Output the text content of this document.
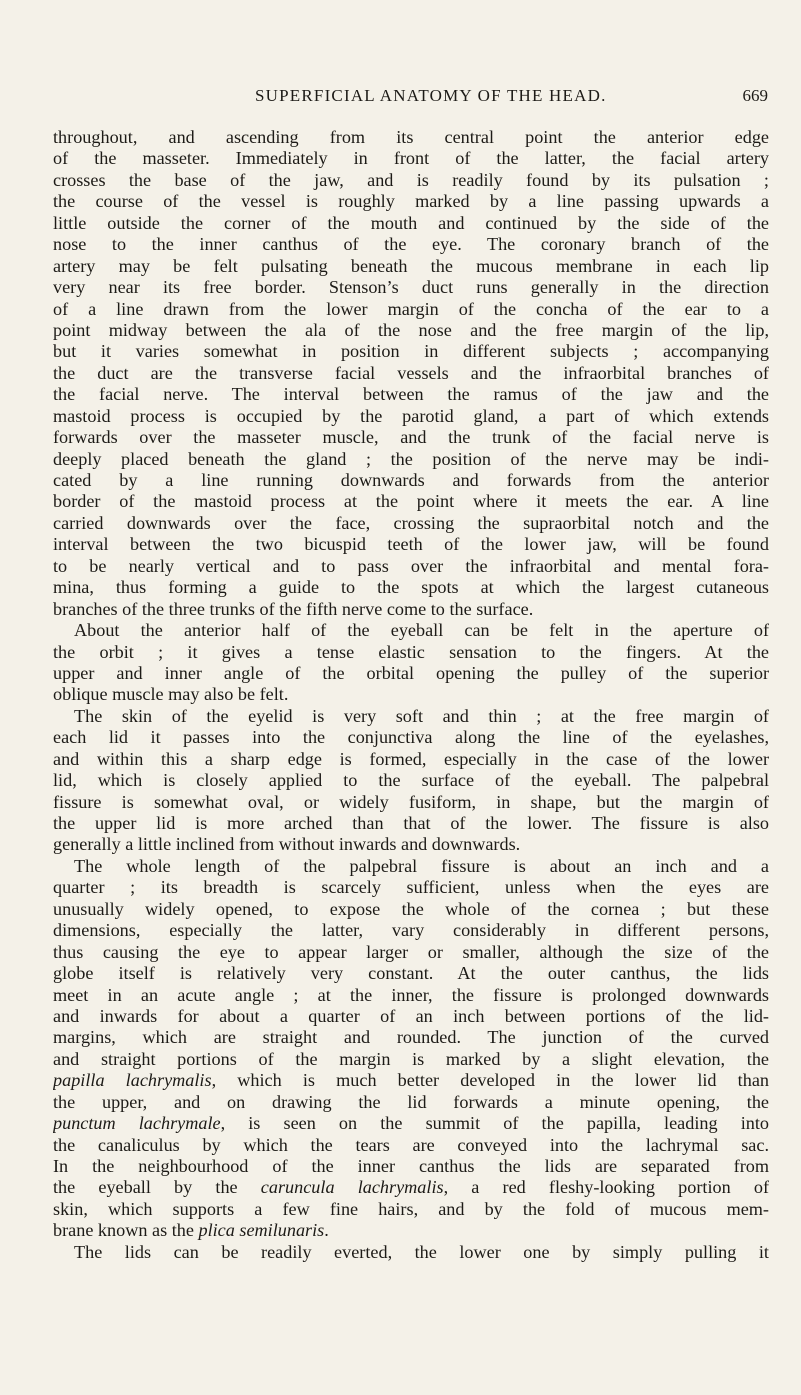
SUPERFICIAL ANATOMY OF THE HEAD.	669
throughout, and ascending from its central point the anterior edge
of the masseter. Immediately in front of the latter, the facial artery
crosses the base of the jaw, and is readily found by its pulsation ;
the course of the vessel is roughly marked by a line passing upwards a
little outside the corner of the mouth and continued by the side of the
nose to the inner canthus of the eye. The coronary branch of the
artery may be felt pulsating beneath the mucous membrane in each lip
very near its free border. Stenson’s duct runs generally in the direction
of a line drawn from the lower margin of the concha of the ear to a
point midway between the ala of the nose and the free margin of the lip,
but it varies somewhat in position in different subjects ; accompanying
the duct are the transverse facial vessels and the infraorbital branches of
the facial nerve. The interval between the ramus of the jaw and the
mastoid process is occupied by the parotid gland, a part of which extends
forwards over the masseter muscle, and the trunk of the facial nerve is
deeply placed beneath the gland ; the position of the nerve may be indi-
cated by a line running downwards and forwards from the anterior
border of the mastoid process at the point where it meets the ear. A line
carried downwards over the face, crossing the supraorbital notch and the
interval between the two bicuspid teeth of the lower jaw, will be found
to be nearly vertical and to pass over the infraorbital and mental fora-
mina, thus forming a guide to the spots at which the largest cutaneous
branches of the three trunks of the fifth nerve come to the surface.
About the anterior half of the eyeball can be felt in the aperture of
the orbit ; it gives a tense elastic sensation to the fingers. At the
upper and inner angle of the orbital opening the pulley of the superior
oblique muscle may also be felt.
The skin of the eyelid is very soft and thin ; at the free margin of
each lid it passes into the conjunctiva along the line of the eyelashes,
and within this a sharp edge is formed, especially in the case of the lower
lid, which is closely applied to the surface of the eyeball. The palpebral
fissure is somewhat oval, or widely fusiform, in shape, but the margin of
the upper lid is more arched than that of the lower. The fissure is also
generally a little inclined from without inwards and downwards.
The whole length of the palpebral fissure is about an inch and a
quarter ; its breadth is scarcely sufficient, unless when the eyes are
unusually widely opened, to expose the whole of the cornea ; but these
dimensions, especially the latter, vary considerably in different persons,
thus causing the eye to appear larger or smaller, although the size of the
globe itself is relatively very constant. At the outer canthus, the lids
meet in an acute angle ; at the inner, the fissure is prolonged downwards
and inwards for about a quarter of an inch between portions of the lid-
margins, which are straight and rounded. The junction of the curved
and straight portions of the margin is marked by a slight elevation, the
papilla lachrymalis, which is much better developed in the lower lid than
the upper, and on drawing the lid forwards a minute opening, the
punctum lachrymale, is seen on the summit of the papilla, leading into
the canaliculus by which the tears are conveyed into the lachrymal sac.
In the neighbourhood of the inner canthus the lids are separated from
the eyeball by the caruncula lachrymalis, a red fleshy-looking portion of
skin, which supports a few fine hairs, and by the fold of mucous mem-
brane known as the plica semilunaris.
The lids can be readily everted, the lower one by simply pulling it
